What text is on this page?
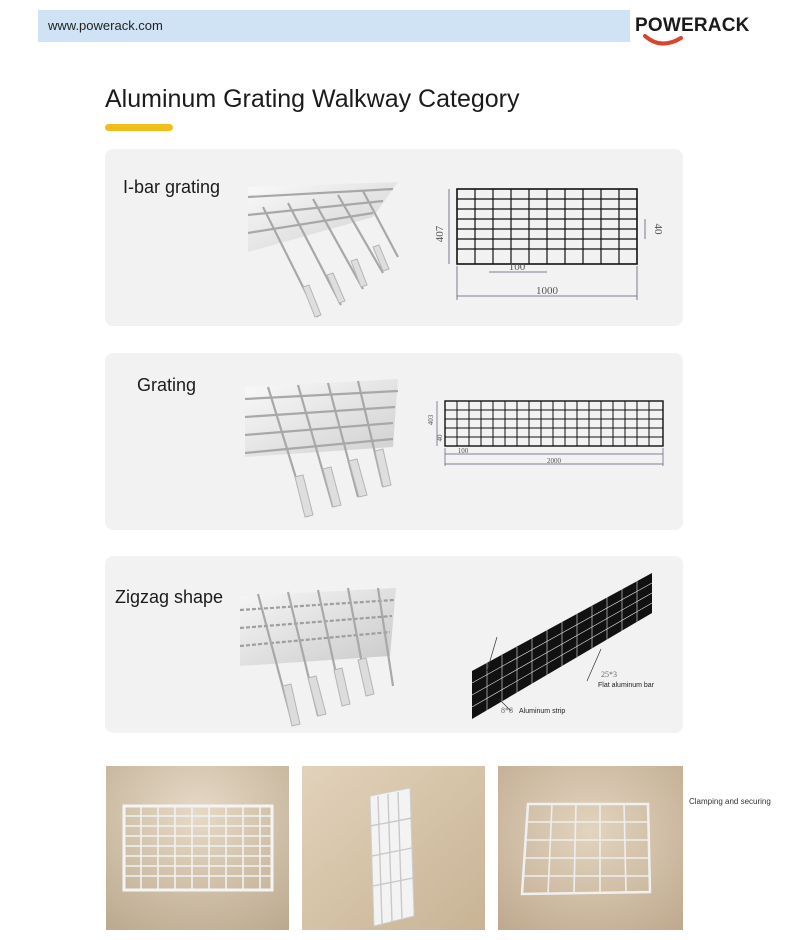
www.powerack.com	POWERACK
Aluminum Grating Walkway Category
I-bar grating
407	40
100
1000
Grating
403
40
100
2000
Zigzag shape
25*3
Flat aluminum bar
8*8 Aluminum strip
Clamping and securing
